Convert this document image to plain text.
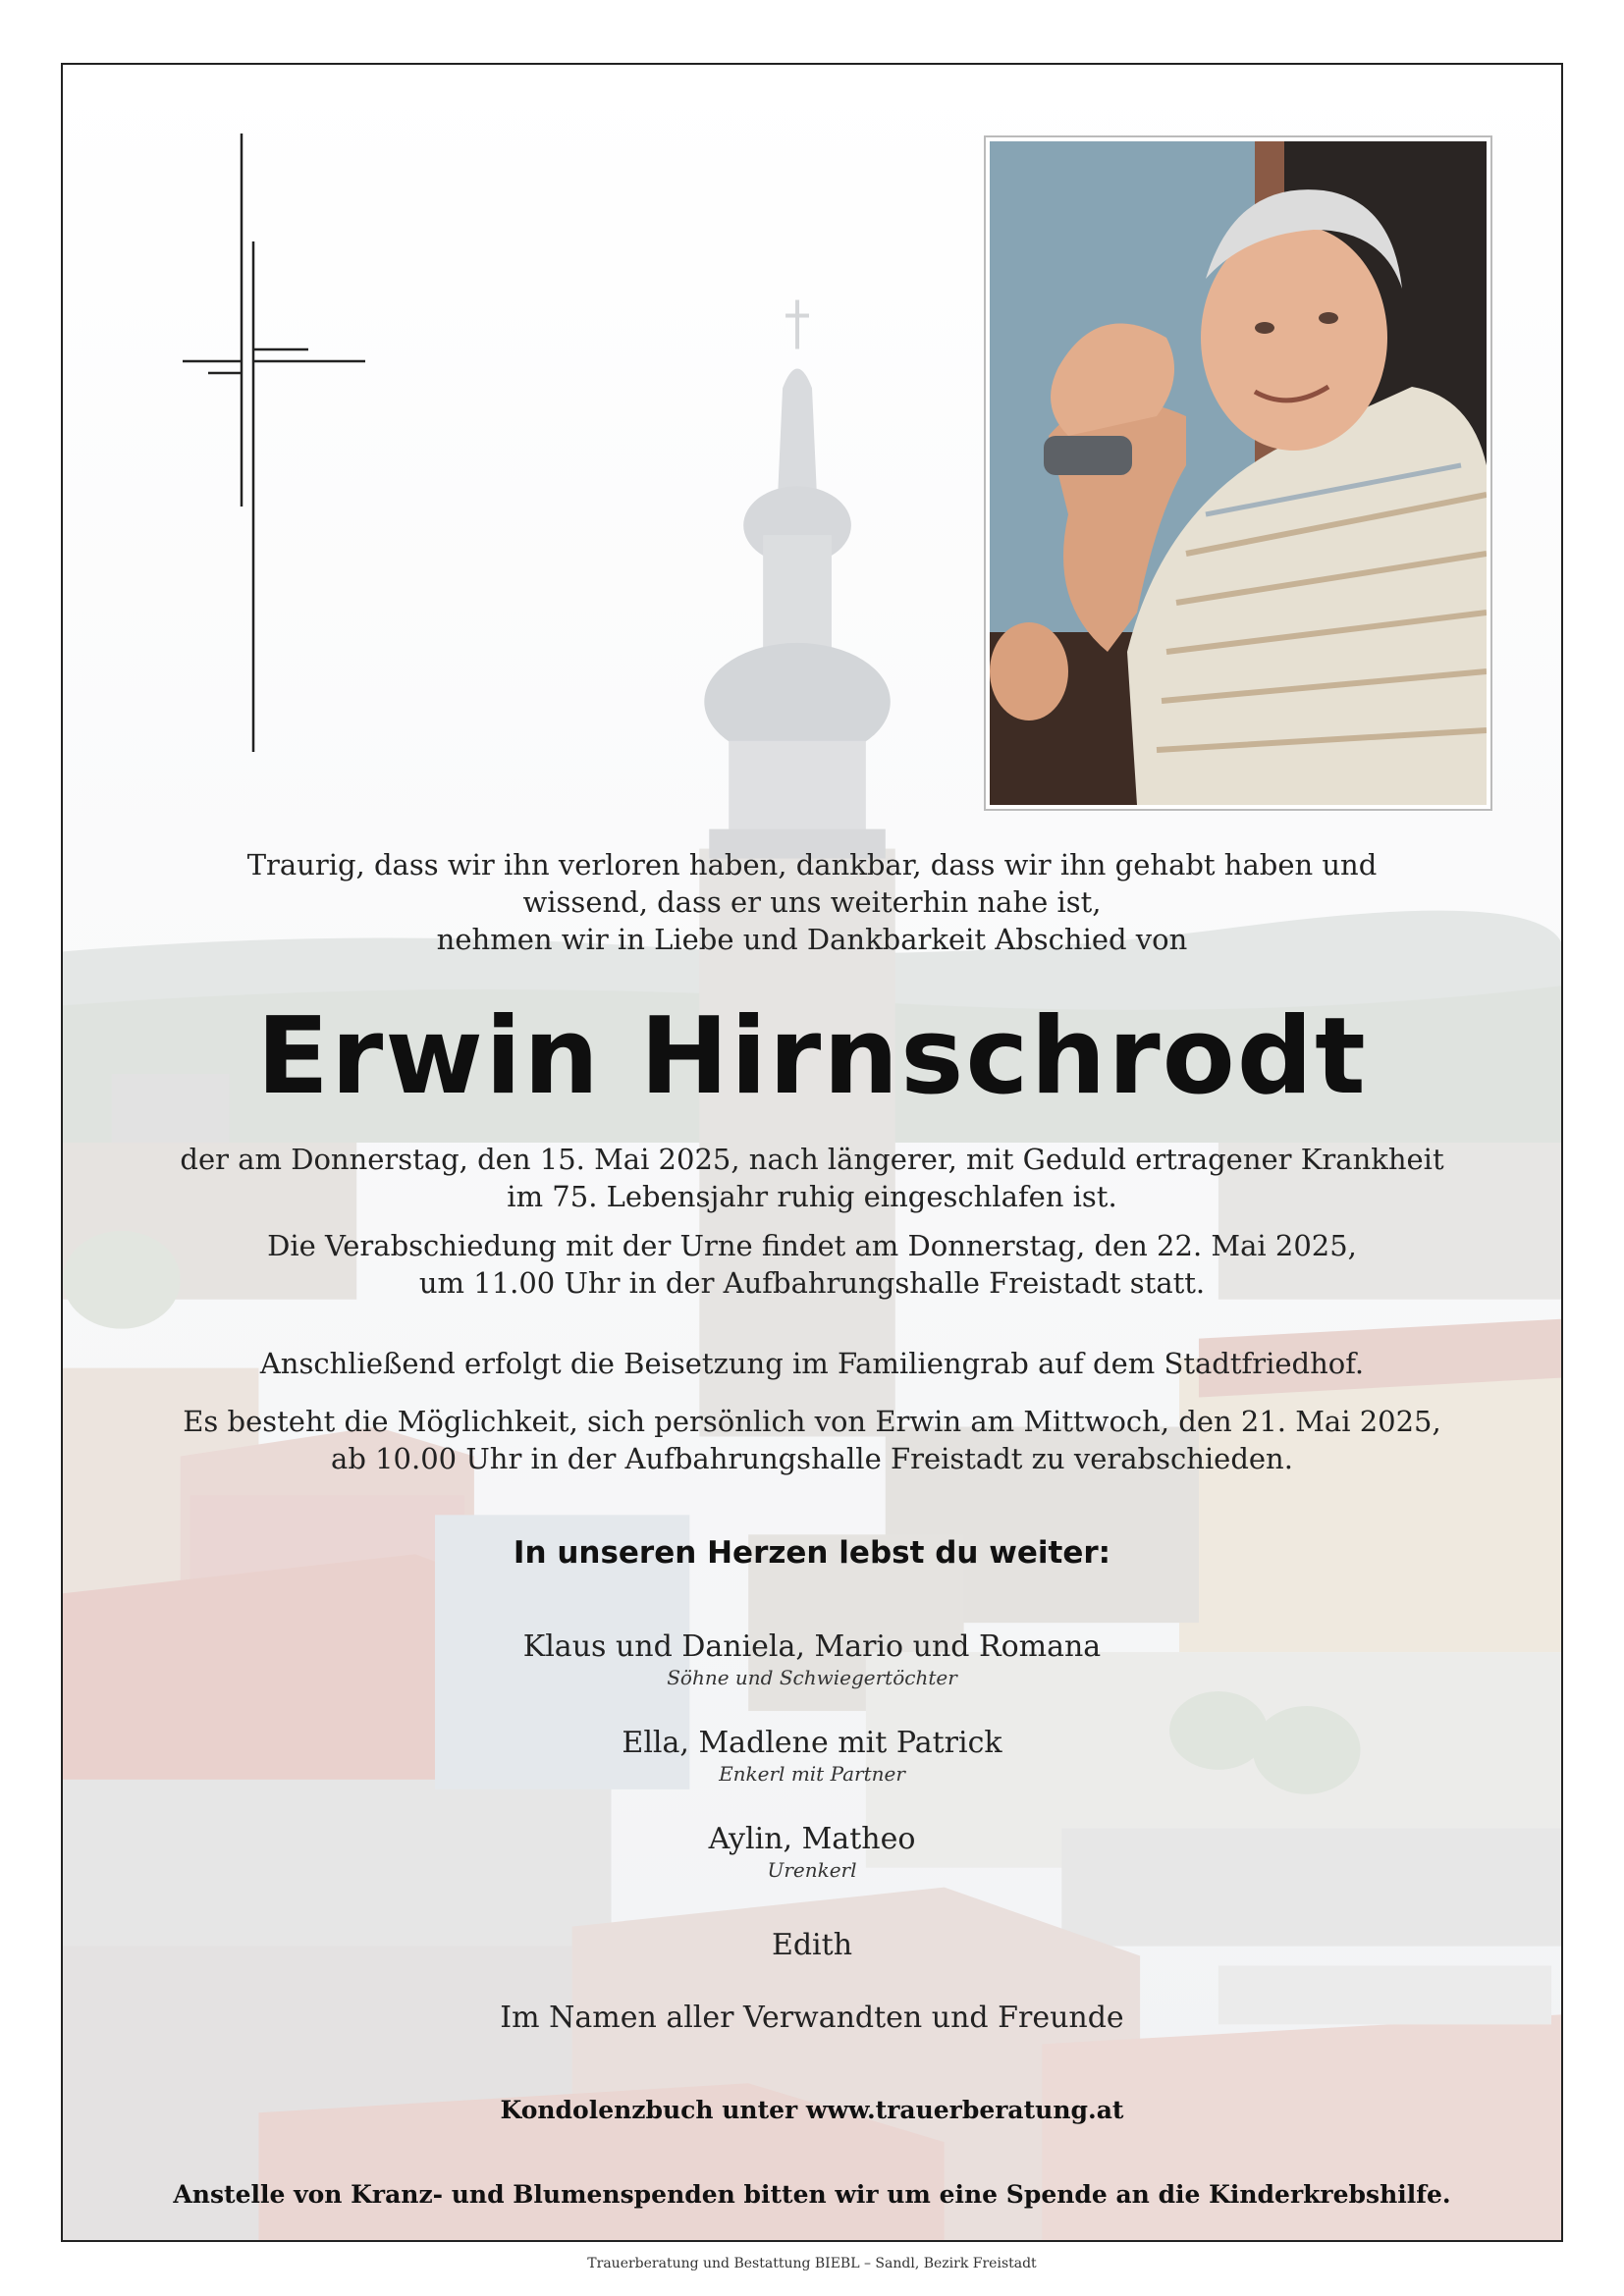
Traurig, dass wir ihn verloren haben, dankbar, dass wir ihn gehabt haben und
wissend, dass er uns weiterhin nahe ist,
nehmen wir in Liebe und Dankbarkeit Abschied von
Erwin Hirnschrodt
der am Donnerstag, den 15. Mai 2025, nach längerer, mit Geduld ertragener Krankheit
im 75. Lebensjahr ruhig eingeschlafen ist.
Die Verabschiedung mit der Urne findet am Donnerstag, den 22. Mai 2025,
um 11.00 Uhr in der Aufbahrungshalle Freistadt statt.
Anschließend erfolgt die Beisetzung im Familiengrab auf dem Stadtfriedhof.
Es besteht die Möglichkeit, sich persönlich von Erwin am Mittwoch, den 21. Mai 2025,
ab 10.00 Uhr in der Aufbahrungshalle Freistadt zu verabschieden.
In unseren Herzen lebst du weiter:
Klaus und Daniela, Mario und Romana
Söhne und Schwiegertöchter
Ella, Madlene mit Patrick
Enkerl mit Partner
Aylin, Matheo
Urenkerl
Edith
Im Namen aller Verwandten und Freunde
Kondolenzbuch unter www.trauerberatung.at
Anstelle von Kranz- und Blumenspenden bitten wir um eine Spende an die Kinderkrebshilfe.
Trauerberatung und Bestattung BIEBL – Sandl, Bezirk Freistadt
